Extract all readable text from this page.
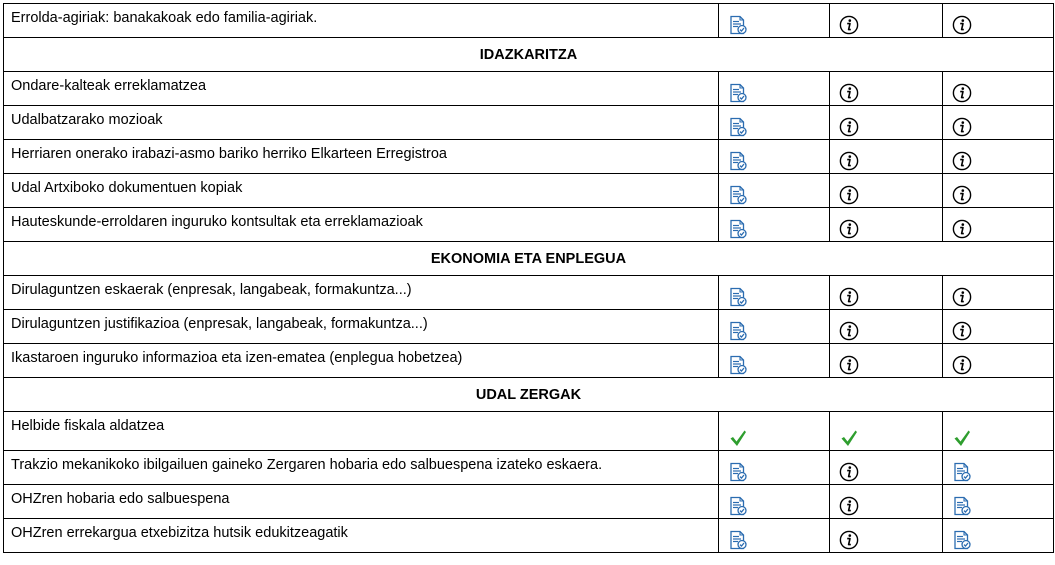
Errolda-agiriak: banakakoak edo familia-agiriak.	

IDAZKARITZA			
Ondare-kalteak erreklamatzea	

Udalbatzarako mozioak	

Herriaren onerako irabazi-asmo bariko herriko Elkarteen Erregistroa	

Udal Artxiboko dokumentuen kopiak	

Hauteskunde-erroldaren inguruko kontsultak eta erreklamazioak	

EKONOMIA ETA ENPLEGUA			
Dirulaguntzen eskaerak (enpresak, langabeak, formakuntza...)	

Dirulaguntzen justifikazioa (enpresak, langabeak, formakuntza...)	

Ikastaroen inguruko informazioa eta izen-ematea (enplegua hobetzea)	

UDAL ZERGAK			
Helbide fiskala aldatzea	

Trakzio mekanikoko ibilgailuen gaineko Zergaren hobaria edo salbuespena izateko eskaera.	

OHZren hobaria edo salbuespena	

OHZren errekargua etxebizitza hutsik edukitzeagatik	
